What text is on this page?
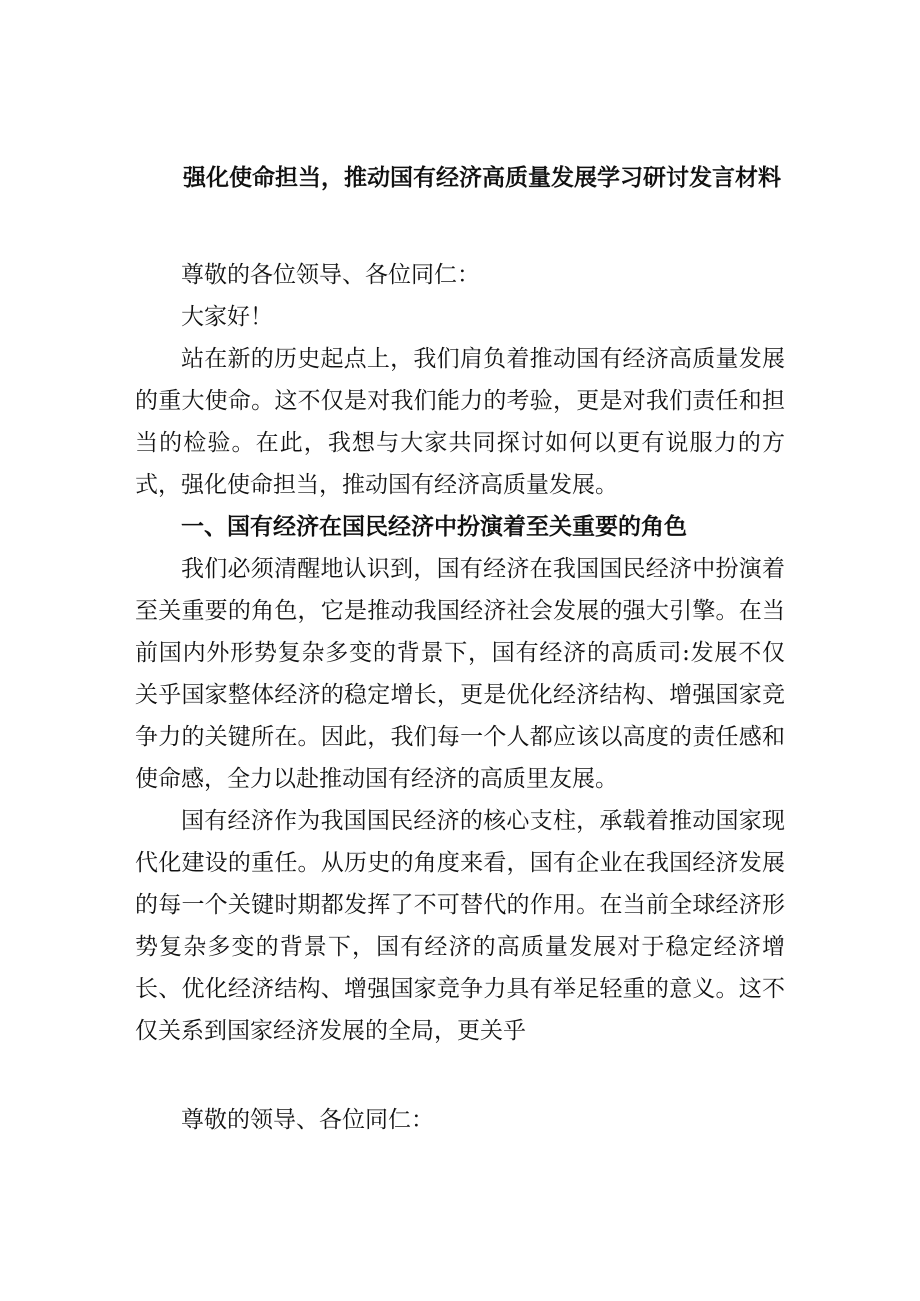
强化使命担当，推动国有经济高质量发展学习研讨发言材料

尊敬的各位领导、各位同仁：

大家好！

站在新的历史起点上，我们肩负着推动国有经济高质量发展的重大使命。这不仅是对我们能力的考验，更是对我们责任和担当的检验。在此，我想与大家共同探讨如何以更有说服力的方式，强化使命担当，推动国有经济高质量发展。

一、国有经济在国民经济中扮演着至关重要的角色

我们必须清醒地认识到，国有经济在我国国民经济中扮演着至关重要的角色，它是推动我国经济社会发展的强大引擎。在当前国内外形势复杂多变的背景下，国有经济的高质司:发展不仅关乎国家整体经济的稳定增长，更是优化经济结构、增强国家竞争力的关键所在。因此，我们每一个人都应该以高度的责任感和使命感，全力以赴推动国有经济的高质里友展。

国有经济作为我国国民经济的核心支柱，承载着推动国家现代化建设的重任。从历史的角度来看，国有企业在我国经济发展的每一个关键时期都发挥了不可替代的作用。在当前全球经济形势复杂多变的背景下，国有经济的高质量发展对于稳定经济增长、优化经济结构、增强国家竞争力具有举足轻重的意义。这不仅关系到国家经济发展的全局，更关乎

尊敬的领导、各位同仁：
